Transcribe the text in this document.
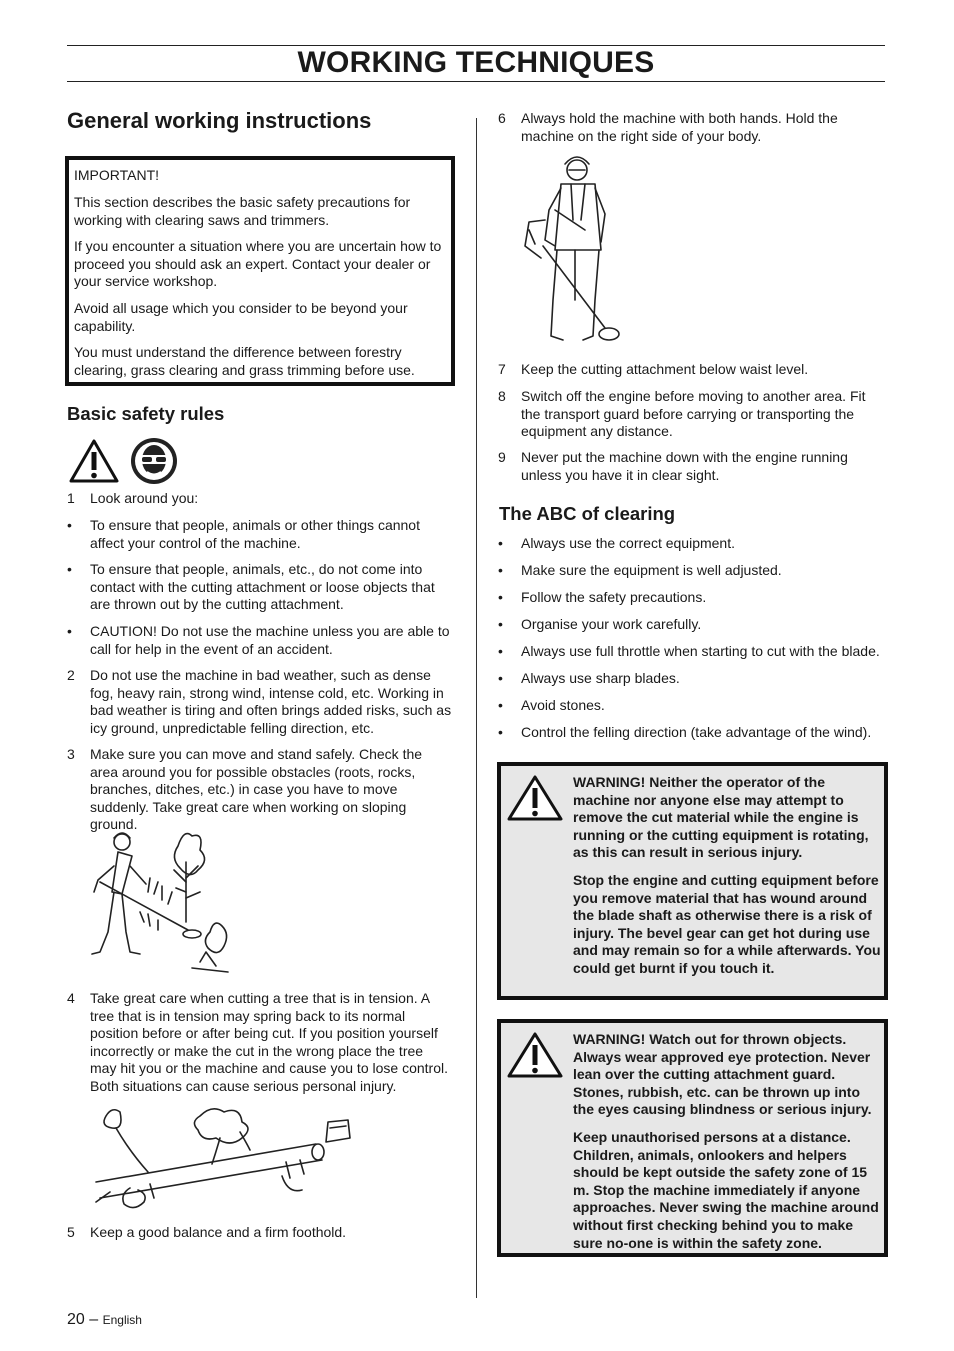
WORKING TECHNIQUES
General working instructions
IMPORTANT!
This section describes the basic safety precautions for working with clearing saws and trimmers.
If you encounter a situation where you are uncertain how to proceed you should ask an expert. Contact your dealer or your service workshop.
Avoid all usage which you consider to be beyond your capability.
You must understand the difference between forestry clearing, grass clearing and grass trimming before use.
Basic safety rules
1 Look around you:
• To ensure that people, animals or other things cannot affect your control of the machine.
• To ensure that people, animals, etc., do not come into contact with the cutting attachment or loose objects that are thrown out by the cutting attachment.
• CAUTION! Do not use the machine unless you are able to call for help in the event of an accident.
2 Do not use the machine in bad weather, such as dense fog, heavy rain, strong wind, intense cold, etc. Working in bad weather is tiring and often brings added risks, such as icy ground, unpredictable felling direction, etc.
3 Make sure you can move and stand safely. Check the area around you for possible obstacles (roots, rocks, branches, ditches, etc.) in case you have to move suddenly. Take great care when working on sloping ground.
4 Take great care when cutting a tree that is in tension. A tree that is in tension may spring back to its normal position before or after being cut. If you position yourself incorrectly or make the cut in the wrong place the tree may hit you or the machine and cause you to lose control. Both situations can cause serious personal injury.
5 Keep a good balance and a firm foothold.
6 Always hold the machine with both hands. Hold the machine on the right side of your body.
7 Keep the cutting attachment below waist level.
8 Switch off the engine before moving to another area. Fit the transport guard before carrying or transporting the equipment any distance.
9 Never put the machine down with the engine running unless you have it in clear sight.
The ABC of clearing
• Always use the correct equipment.
• Make sure the equipment is well adjusted.
• Follow the safety precautions.
• Organise your work carefully.
• Always use full throttle when starting to cut with the blade.
• Always use sharp blades.
• Avoid stones.
• Control the felling direction (take advantage of the wind).
WARNING! Neither the operator of the machine nor anyone else may attempt to remove the cut material while the engine is running or the cutting equipment is rotating, as this can result in serious injury.
Stop the engine and cutting equipment before you remove material that has wound around the blade shaft as otherwise there is a risk of injury. The bevel gear can get hot during use and may remain so for a while afterwards. You could get burnt if you touch it.
WARNING! Watch out for thrown objects. Always wear approved eye protection. Never lean over the cutting attachment guard. Stones, rubbish, etc. can be thrown up into the eyes causing blindness or serious injury.
Keep unauthorised persons at a distance. Children, animals, onlookers and helpers should be kept outside the safety zone of 15 m. Stop the machine immediately if anyone approaches. Never swing the machine around without first checking behind you to make sure no-one is within the safety zone.
20 – English
